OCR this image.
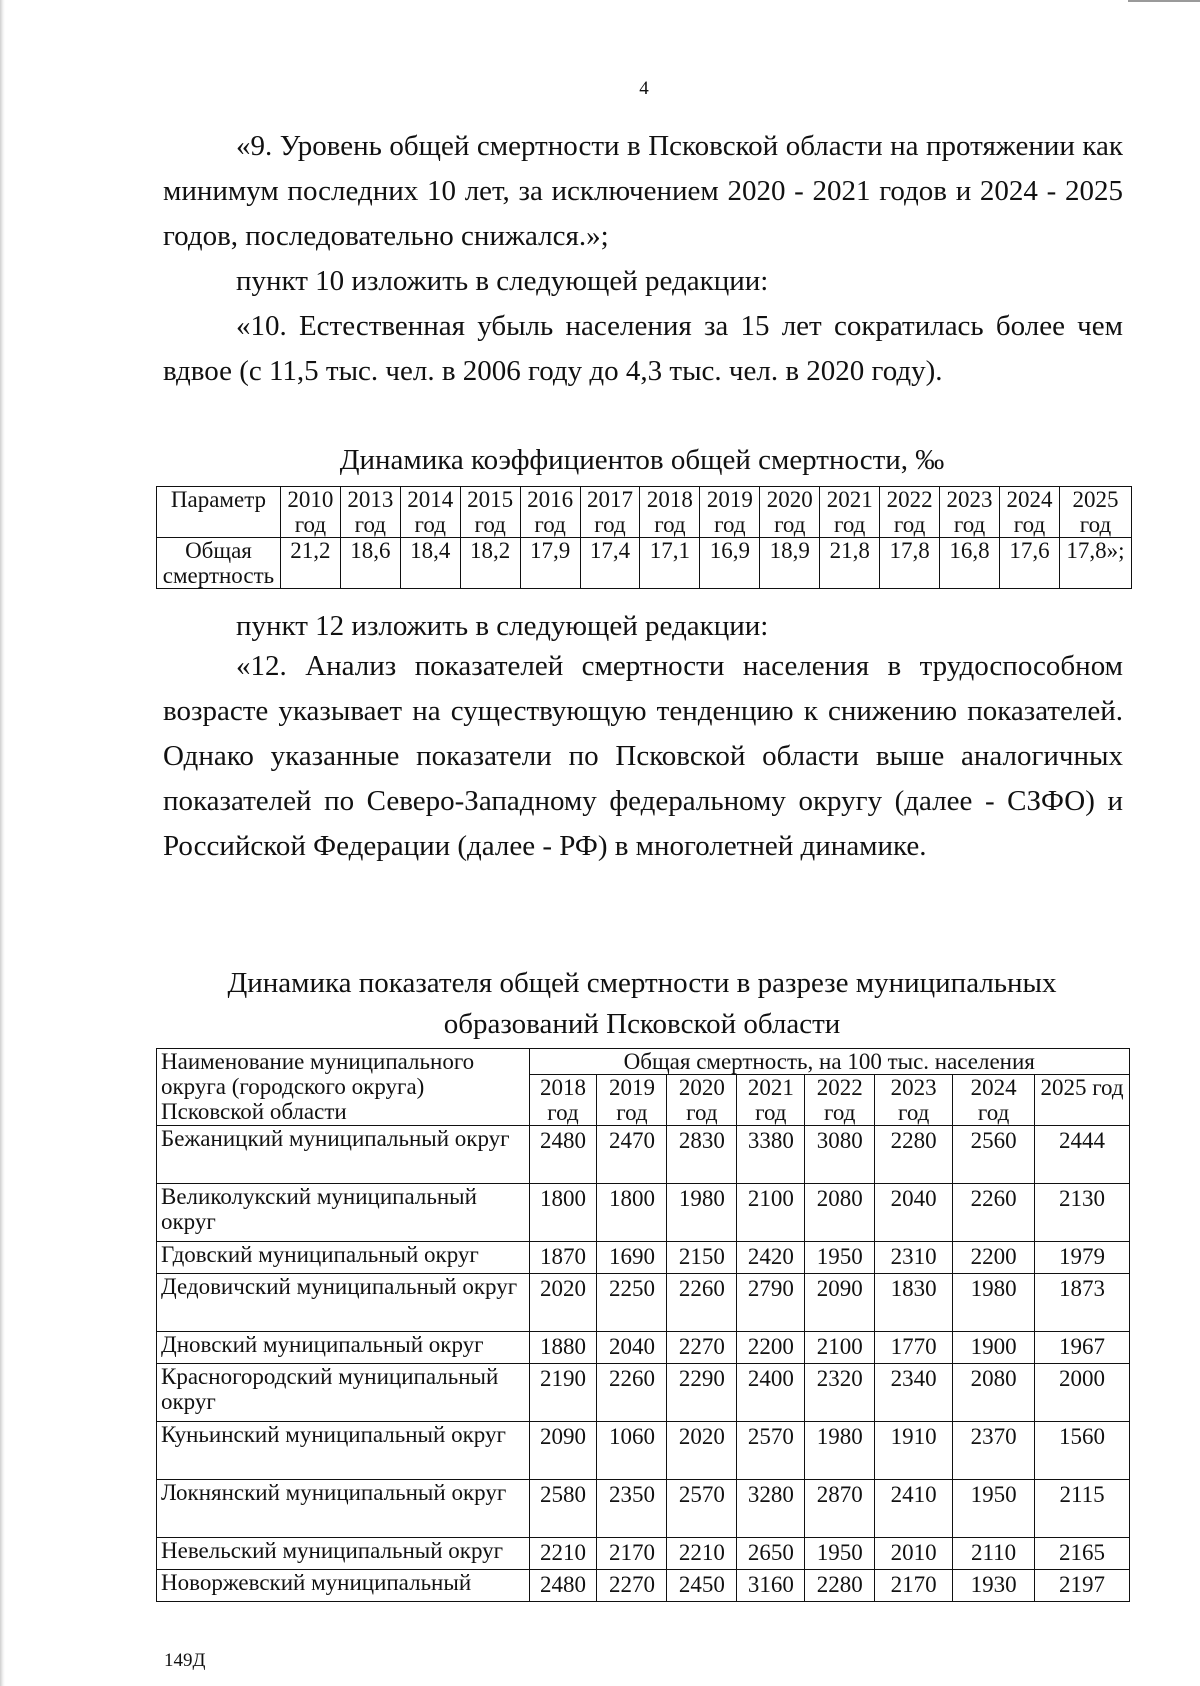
4

«9. Уровень общей смертности в Псковской области на протяжении как минимум последних 10 лет, за исключением 2020 - 2021 годов и 2024 - 2025 годов, последовательно снижался.»;

пункт 10 изложить в следующей редакции:

«10. Естественная убыль населения за 15 лет сократилась более чем вдвое (с 11,5 тыс. чел. в 2006 году до 4,3 тыс. чел. в 2020 году).

Динамика коэффициентов общей смертности, ‰

Параметр	2010 год	2013 год	2014 год	2015 год	2016 год	2017 год	2018 год	2019 год	2020 год	2021 год	2022 год	2023 год	2024 год	2025 год
Общая смертность	21,2	18,6	18,4	18,2	17,9	17,4	17,1	16,9	18,9	21,8	17,8	16,8	17,6	17,8»;

пункт 12 изложить в следующей редакции:

«12. Анализ показателей смертности населения в трудоспособном возрасте указывает на существующую тенденцию к снижению показателей. Однако указанные показатели по Псковской области выше аналогичных показателей по Северо-Западному федеральному округу (далее - СЗФО) и Российской Федерации (далее - РФ) в многолетней динамике.

Динамика показателя общей смертности в разрезе муниципальных

образований Псковской области

Наименование муниципального округа (городского округа) Псковской области	Общая смертность, на 100 тыс. населения							
	2018 год	2019 год	2020 год	2021 год	2022 год	2023 год	2024 год	2025 год
Бежаницкий муниципальный округ	2480	2470	2830	3380	3080	2280	2560	2444
Великолукский муниципальный округ	1800	1800	1980	2100	2080	2040	2260	2130
Гдовский муниципальный округ	1870	1690	2150	2420	1950	2310	2200	1979
Дедовичский муниципальный округ	2020	2250	2260	2790	2090	1830	1980	1873
Дновский муниципальный округ	1880	2040	2270	2200	2100	1770	1900	1967
Красногородский муниципальный округ	2190	2260	2290	2400	2320	2340	2080	2000
Куньинский муниципальный округ	2090	1060	2020	2570	1980	1910	2370	1560
Локнянский муниципальный округ	2580	2350	2570	3280	2870	2410	1950	2115
Невельский муниципальный округ	2210	2170	2210	2650	1950	2010	2110	2165
Новоржевский муниципальный	2480	2270	2450	3160	2280	2170	1930	2197
149Д
